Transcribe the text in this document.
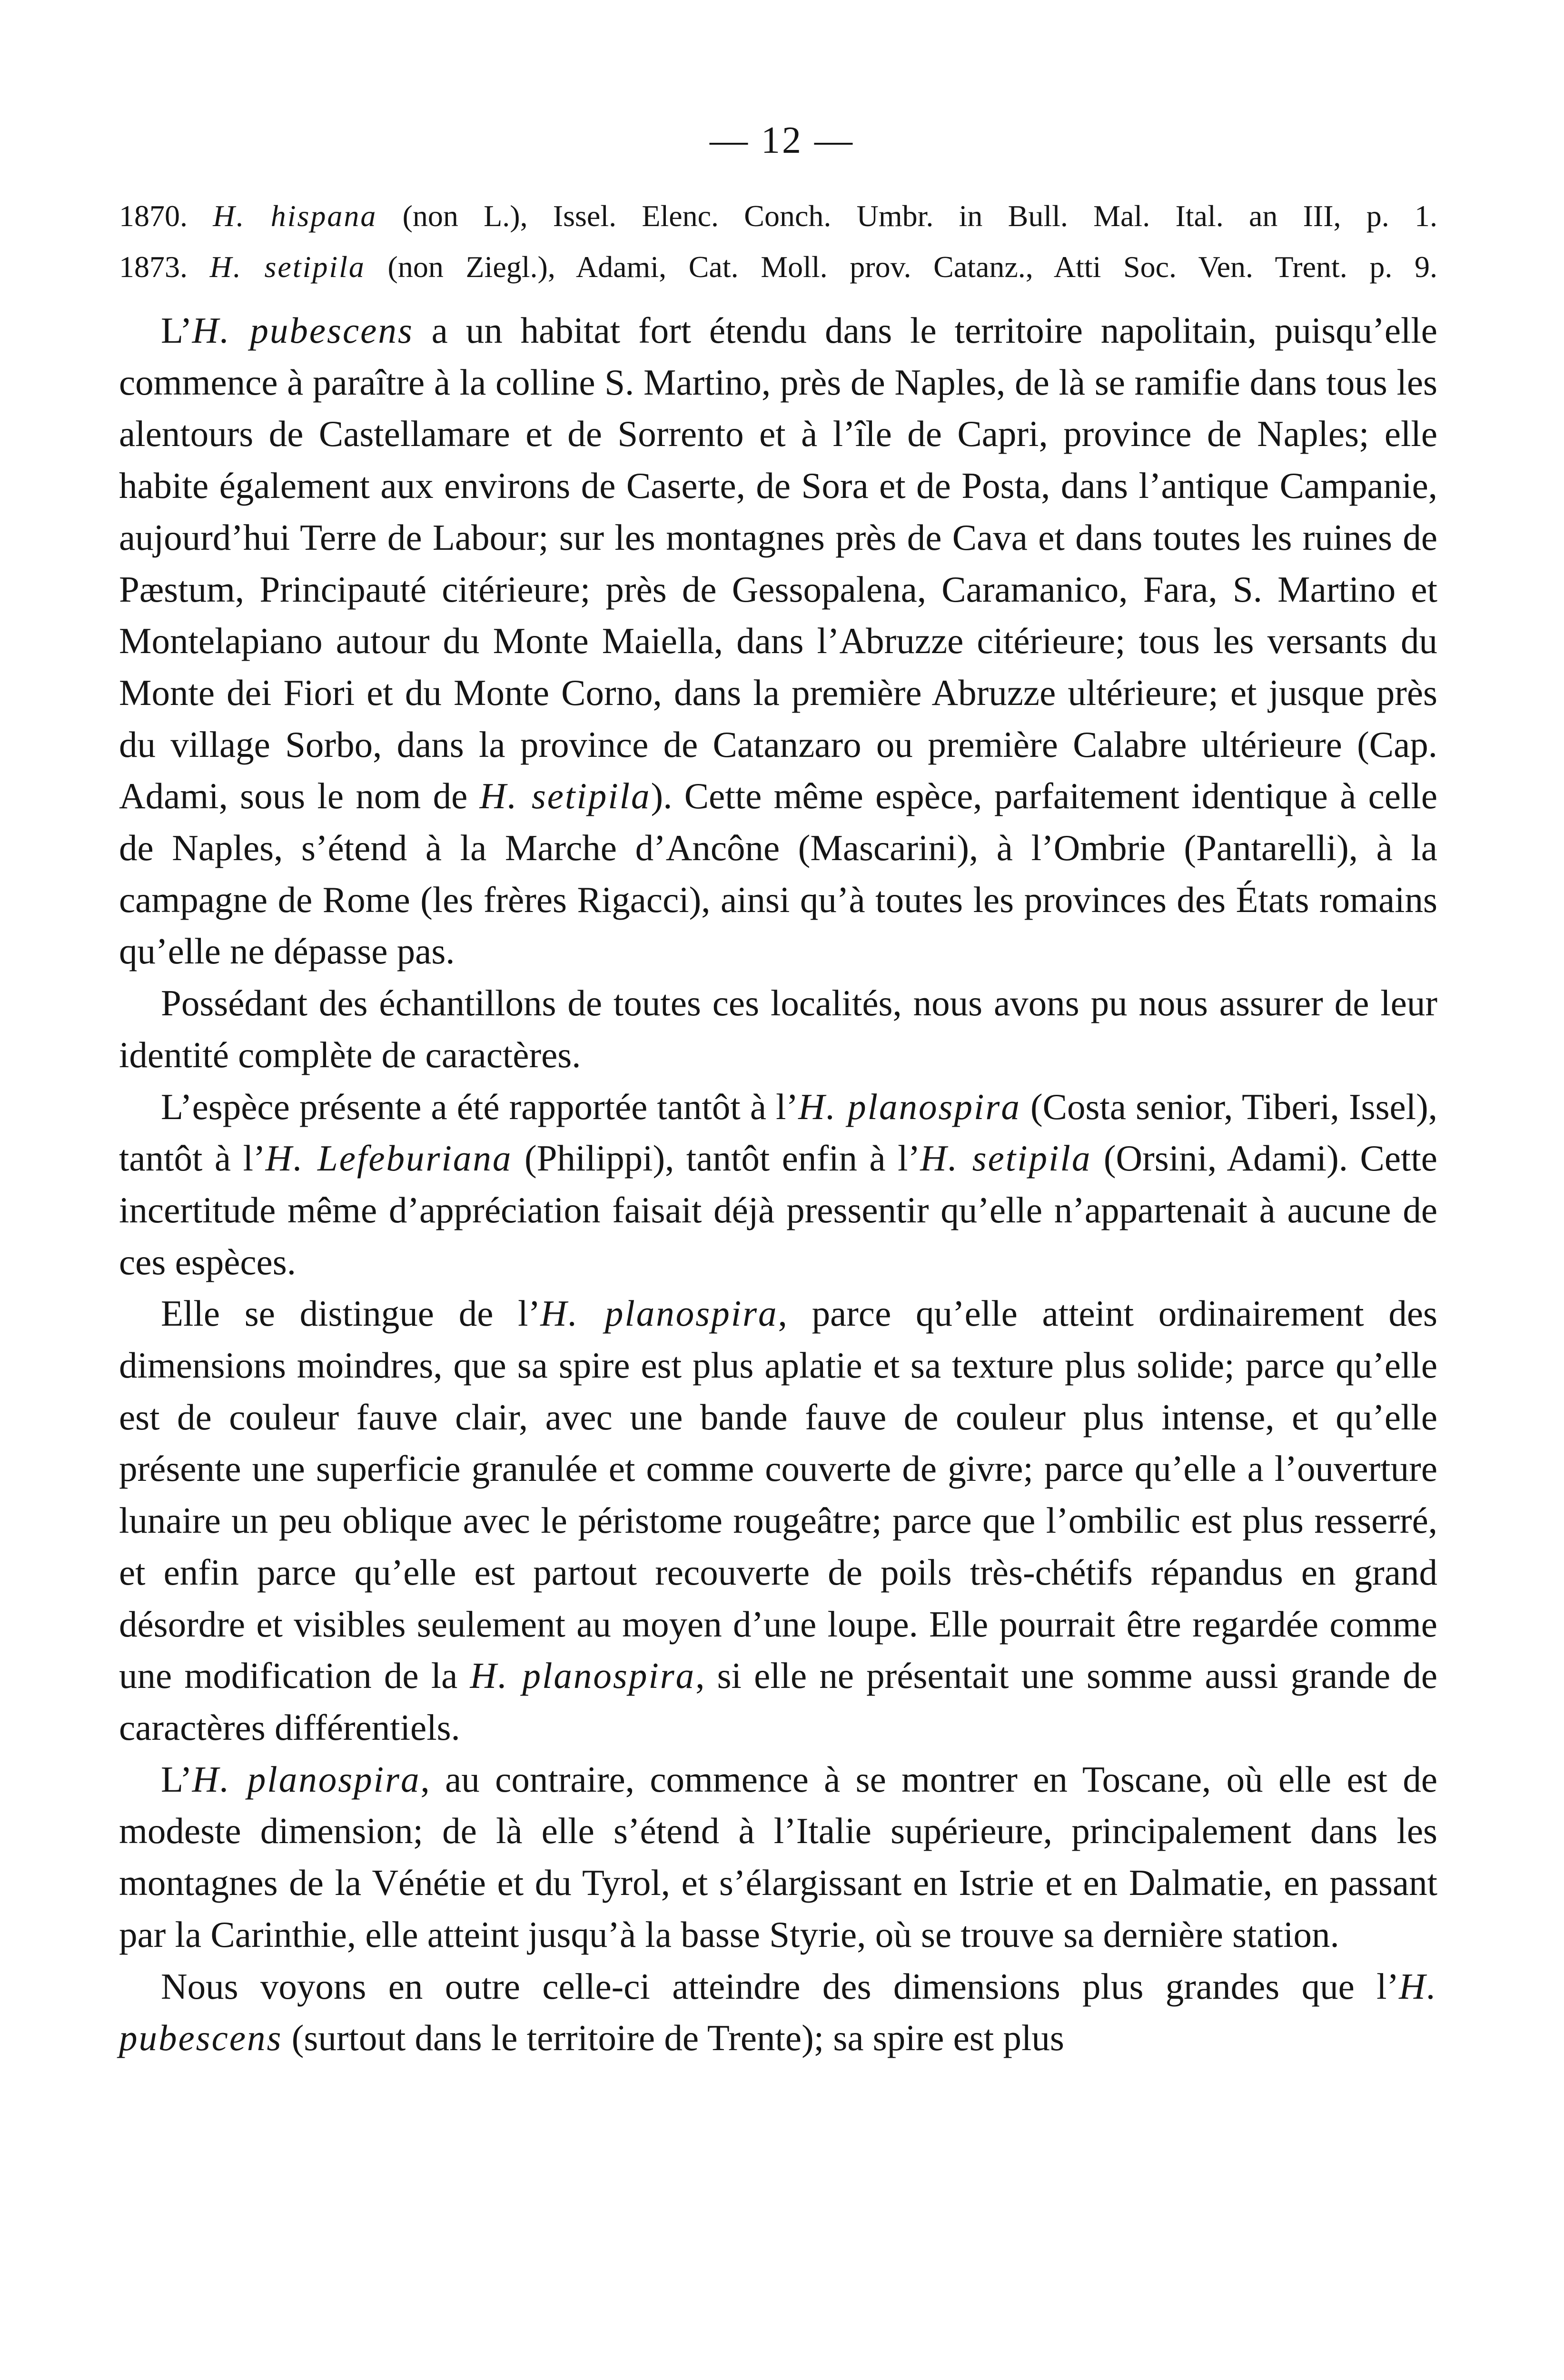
— 12 —
1870. H. hispana (non L.), Issel. Elenc. Conch. Umbr. in Bull. Mal. Ital. an III, p. 1.
1873. H. setipila (non Ziegl.), Adami, Cat. Moll. prov. Catanz., Atti Soc. Ven. Trent. p. 9.

L’H. pubescens a un habitat fort étendu dans le territoire napolitain, puisqu’elle commence à paraître à la colline S. Martino, près de Naples, de là se ramifie dans tous les alentours de Castellamare et de Sorrento et à l’île de Capri, province de Naples; elle habite également aux environs de Caserte, de Sora et de Posta, dans l’antique Campanie, aujourd’hui Terre de Labour; sur les montagnes près de Cava et dans toutes les ruines de Pæstum, Principauté citérieure; près de Gessopalena, Caramanico, Fara, S. Martino et Montelapiano autour du Monte Maiella, dans l’Abruzze citérieure; tous les versants du Monte dei Fiori et du Monte Corno, dans la première Abruzze ultérieure; et jusque près du village Sorbo, dans la province de Catanzaro ou première Calabre ultérieure (Cap. Adami, sous le nom de H. setipila). Cette même espèce, parfaitement identique à celle de Naples, s’étend à la Marche d’Ancône (Mascarini), à l’Ombrie (Pantarelli), à la campagne de Rome (les frères Rigacci), ainsi qu’à toutes les provinces des États romains qu’elle ne dépasse pas.

Possédant des échantillons de toutes ces localités, nous avons pu nous assurer de leur identité complète de caractères.

L’espèce présente a été rapportée tantôt à l’H. planospira (Costa senior, Tiberi, Issel), tantôt à l’H. Lefeburiana (Philippi), tantôt enfin à l’H. setipila (Orsini, Adami). Cette incertitude même d’appréciation faisait déjà pressentir qu’elle n’appartenait à aucune de ces espèces.

Elle se distingue de l’H. planospira, parce qu’elle atteint ordinairement des dimensions moindres, que sa spire est plus aplatie et sa texture plus solide; parce qu’elle est de couleur fauve clair, avec une bande fauve de couleur plus intense, et qu’elle présente une superficie granulée et comme couverte de givre; parce qu’elle a l’ouverture lunaire un peu oblique avec le péristome rougeâtre; parce que l’ombilic est plus resserré, et enfin parce qu’elle est partout recouverte de poils très-chétifs répandus en grand désordre et visibles seulement au moyen d’une loupe. Elle pourrait être regardée comme une modification de la H. planospira, si elle ne présentait une somme aussi grande de caractères différentiels.

L’H. planospira, au contraire, commence à se montrer en Toscane, où elle est de modeste dimension; de là elle s’étend à l’Italie supérieure, principalement dans les montagnes de la Vénétie et du Tyrol, et s’élargissant en Istrie et en Dalmatie, en passant par la Carinthie, elle atteint jusqu’à la basse Styrie, où se trouve sa dernière station.

Nous voyons en outre celle-ci atteindre des dimensions plus grandes que l’H. pubescens (surtout dans le territoire de Trente); sa spire est plus
